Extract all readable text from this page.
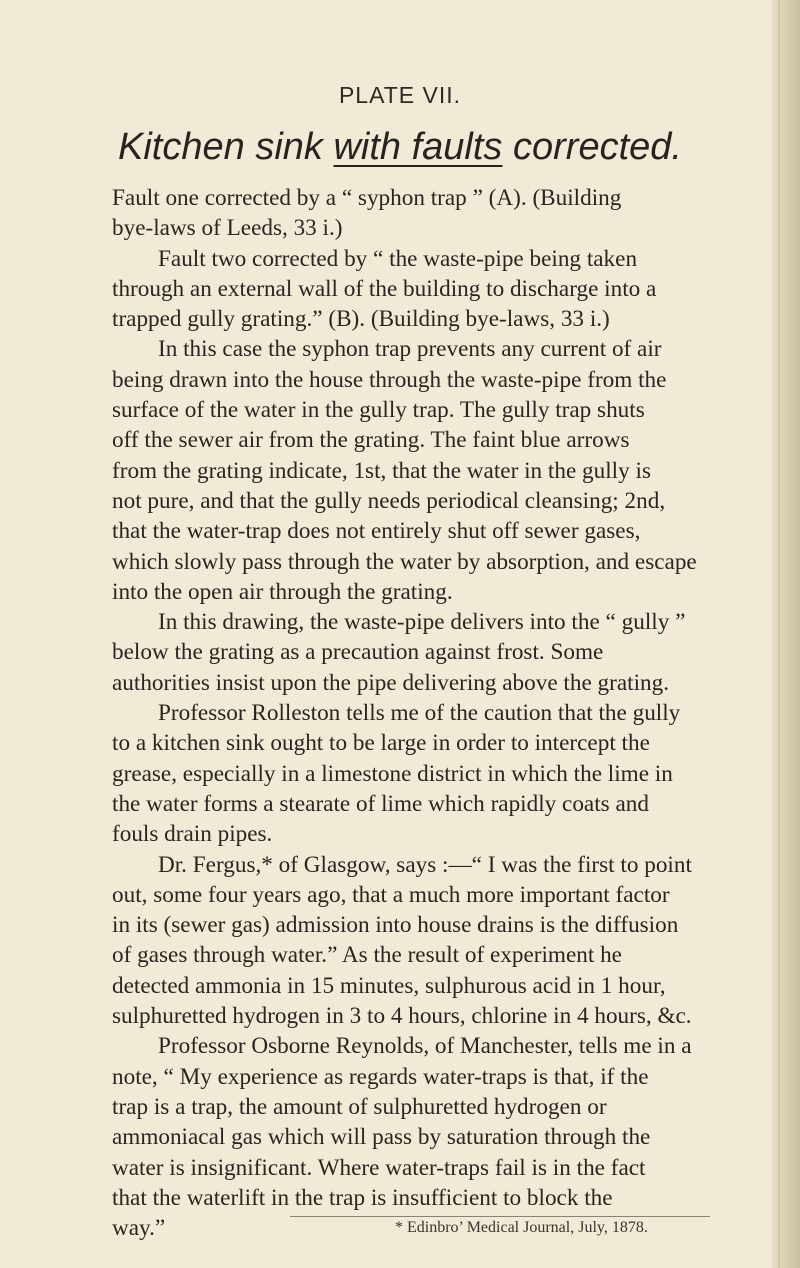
PLATE VII.
Kitchen sink with faults corrected.
Fault one corrected by a “ syphon trap ” (A). (Building
bye-laws of Leeds, 33 i.)
Fault two corrected by “ the waste-pipe being taken
through an external wall of the building to discharge into a
trapped gully grating.” (B). (Building bye-laws, 33 i.)
In this case the syphon trap prevents any current of air
being drawn into the house through the waste-pipe from the
surface of the water in the gully trap. The gully trap shuts
off the sewer air from the grating. The faint blue arrows
from the grating indicate, 1st, that the water in the gully is
not pure, and that the gully needs periodical cleansing; 2nd,
that the water-trap does not entirely shut off sewer gases,
which slowly pass through the water by absorption, and escape
into the open air through the grating.
In this drawing, the waste-pipe delivers into the “ gully ”
below the grating as a precaution against frost. Some
authorities insist upon the pipe delivering above the grating.
Professor Rolleston tells me of the caution that the gully
to a kitchen sink ought to be large in order to intercept the
grease, especially in a limestone district in which the lime in
the water forms a stearate of lime which rapidly coats and
fouls drain pipes.
Dr. Fergus,* of Glasgow, says :—“ I was the first to point
out, some four years ago, that a much more important factor
in its (sewer gas) admission into house drains is the diffusion
of gases through water.” As the result of experiment he
detected ammonia in 15 minutes, sulphurous acid in 1 hour,
sulphuretted hydrogen in 3 to 4 hours, chlorine in 4 hours, &c.
Professor Osborne Reynolds, of Manchester, tells me in a
note, “ My experience as regards water-traps is that, if the
trap is a trap, the amount of sulphuretted hydrogen or
ammoniacal gas which will pass by saturation through the
water is insignificant. Where water-traps fail is in the fact
that the waterlift in the trap is insufficient to block the
way.”	* Edinbro’ Medical Journal, July, 1878.
